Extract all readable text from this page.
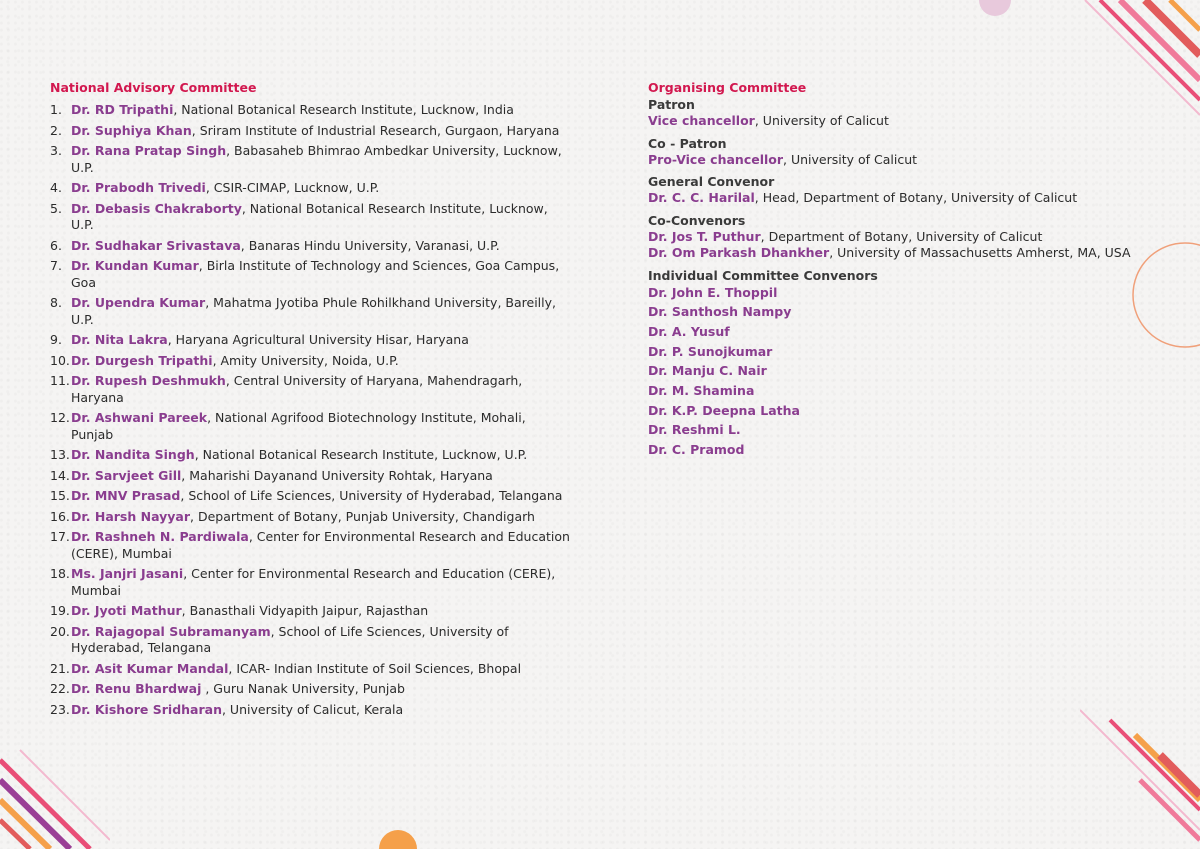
National Advisory Committee
1. Dr. RD Tripathi, National Botanical Research Institute, Lucknow, India
2. Dr. Suphiya Khan, Sriram Institute of Industrial Research, Gurgaon, Haryana
3. Dr. Rana Pratap Singh, Babasaheb Bhimrao Ambedkar University, Lucknow, U.P.
4. Dr. Prabodh Trivedi, CSIR-CIMAP, Lucknow, U.P.
5. Dr. Debasis Chakraborty, National Botanical Research Institute, Lucknow, U.P.
6. Dr. Sudhakar Srivastava, Banaras Hindu University, Varanasi, U.P.
7. Dr. Kundan Kumar, Birla Institute of Technology and Sciences, Goa Campus, Goa
8. Dr. Upendra Kumar, Mahatma Jyotiba Phule Rohilkhand University, Bareilly, U.P.
9. Dr. Nita Lakra, Haryana Agricultural University Hisar, Haryana
10. Dr. Durgesh Tripathi, Amity University, Noida, U.P.
11. Dr. Rupesh Deshmukh, Central University of Haryana, Mahendragarh, Haryana
12. Dr. Ashwani Pareek, National Agrifood Biotechnology Institute, Mohali, Punjab
13. Dr. Nandita Singh, National Botanical Research Institute, Lucknow, U.P.
14. Dr. Sarvjeet Gill, Maharishi Dayanand University Rohtak, Haryana
15. Dr. MNV Prasad, School of Life Sciences, University of Hyderabad, Telangana
16. Dr. Harsh Nayyar, Department of Botany, Punjab University, Chandigarh
17. Dr. Rashneh N. Pardiwala, Center for Environmental Research and Education (CERE), Mumbai
18. Ms. Janjri Jasani, Center for Environmental Research and Education (CERE), Mumbai
19. Dr. Jyoti Mathur, Banasthali Vidyapith Jaipur, Rajasthan
20. Dr. Rajagopal Subramanyam, School of Life Sciences, University of Hyderabad, Telangana
21. Dr. Asit Kumar Mandal, ICAR- Indian Institute of Soil Sciences, Bhopal
22. Dr. Renu Bhardwaj , Guru Nanak University, Punjab
23. Dr. Kishore Sridharan, University of Calicut, Kerala
Organising Committee
Patron
Vice chancellor, University of Calicut
Co - Patron
Pro-Vice chancellor, University of Calicut
General Convenor
Dr. C. C. Harilal, Head, Department of Botany, University of Calicut
Co-Convenors
Dr. Jos T. Puthur, Department of Botany, University of Calicut
Dr. Om Parkash Dhankher, University of Massachusetts Amherst, MA, USA
Individual Committee Convenors
Dr. John E. Thoppil
Dr. Santhosh Nampy
Dr. A. Yusuf
Dr. P. Sunojkumar
Dr. Manju C. Nair
Dr. M. Shamina
Dr. K.P. Deepna Latha
Dr. Reshmi L.
Dr. C. Pramod
